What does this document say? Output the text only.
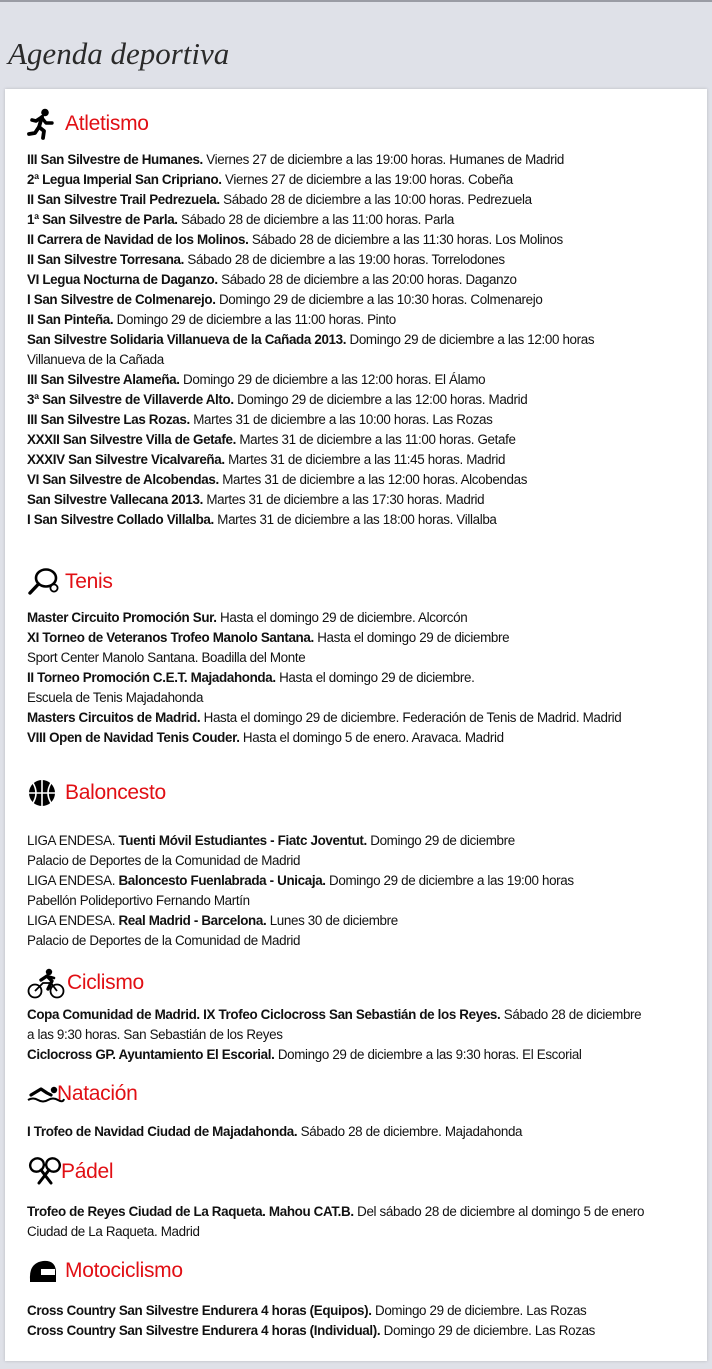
Agenda deportiva
Atletismo
III San Silvestre de Humanes. Viernes 27 de diciembre a las 19:00 horas. Humanes de Madrid
2ª Legua Imperial San Cripriano. Viernes 27 de diciembre a las 19:00 horas. Cobeña
II San Silvestre Trail Pedrezuela. Sábado 28 de diciembre a las 10:00 horas. Pedrezuela
1ª San Silvestre de Parla. Sábado 28 de diciembre a las 11:00 horas. Parla
II Carrera de Navidad de los Molinos. Sábado 28 de diciembre a las 11:30 horas. Los Molinos
II San Silvestre Torresana. Sábado 28 de diciembre a las 19:00 horas. Torrelodones
VI Legua Nocturna de Daganzo. Sábado 28 de diciembre a las 20:00 horas. Daganzo
I San Silvestre de Colmenarejo. Domingo 29 de diciembre a las 10:30 horas. Colmenarejo
II San Pinteña. Domingo 29 de diciembre a las 11:00 horas. Pinto
San Silvestre Solidaria Villanueva de la Cañada 2013. Domingo 29 de diciembre a las 12:00 horas
Villanueva de la Cañada
III San Silvestre Alameña. Domingo 29 de diciembre a las 12:00 horas. El Álamo
3ª San Silvestre de Villaverde Alto. Domingo 29 de diciembre a las 12:00 horas. Madrid
III San Silvestre Las Rozas. Martes 31 de diciembre a las 10:00 horas. Las Rozas
XXXII San Silvestre Villa de Getafe. Martes 31 de diciembre a las 11:00 horas. Getafe
XXXIV San Silvestre Vicalvareña. Martes 31 de diciembre a las 11:45 horas. Madrid
VI San Silvestre de Alcobendas. Martes 31 de diciembre a las 12:00 horas. Alcobendas
San Silvestre Vallecana 2013. Martes 31 de diciembre a las 17:30 horas. Madrid
I San Silvestre Collado Villalba. Martes 31 de diciembre a las 18:00 horas. Villalba
Tenis
Master Circuito Promoción Sur. Hasta el domingo 29 de diciembre. Alcorcón
XI Torneo de Veteranos Trofeo Manolo Santana. Hasta el domingo 29 de diciembre
Sport Center Manolo Santana. Boadilla del Monte
II Torneo Promoción C.E.T. Majadahonda. Hasta el domingo 29 de diciembre.
Escuela de Tenis Majadahonda
Masters Circuitos de Madrid. Hasta el domingo 29 de diciembre. Federación de Tenis de Madrid. Madrid
VIII Open de Navidad Tenis Couder. Hasta el domingo 5 de enero. Aravaca. Madrid
Baloncesto
LIGA ENDESA. Tuenti Móvil Estudiantes - Fiatc Joventut. Domingo 29 de diciembre
Palacio de Deportes de la Comunidad de Madrid
LIGA ENDESA. Baloncesto Fuenlabrada - Unicaja. Domingo 29 de diciembre a las 19:00 horas
Pabellón Polideportivo Fernando Martín
LIGA ENDESA. Real Madrid - Barcelona. Lunes 30 de diciembre
Palacio de Deportes de la Comunidad de Madrid
Ciclismo
Copa Comunidad de Madrid. IX Trofeo Ciclocross San Sebastián de los Reyes. Sábado 28 de diciembre
a las 9:30 horas. San Sebastián de los Reyes
Ciclocross GP. Ayuntamiento El Escorial. Domingo 29 de diciembre a las 9:30 horas. El Escorial
Natación
I Trofeo de Navidad Ciudad de Majadahonda. Sábado 28 de diciembre. Majadahonda
Pádel
Trofeo de Reyes Ciudad de La Raqueta. Mahou CAT.B. Del sábado 28 de diciembre al domingo 5 de enero
Ciudad de La Raqueta. Madrid
Motociclismo
Cross Country San Silvestre Endurera 4 horas (Equipos). Domingo 29 de diciembre. Las Rozas
Cross Country San Silvestre Endurera 4 horas (Individual). Domingo 29 de diciembre. Las Rozas
